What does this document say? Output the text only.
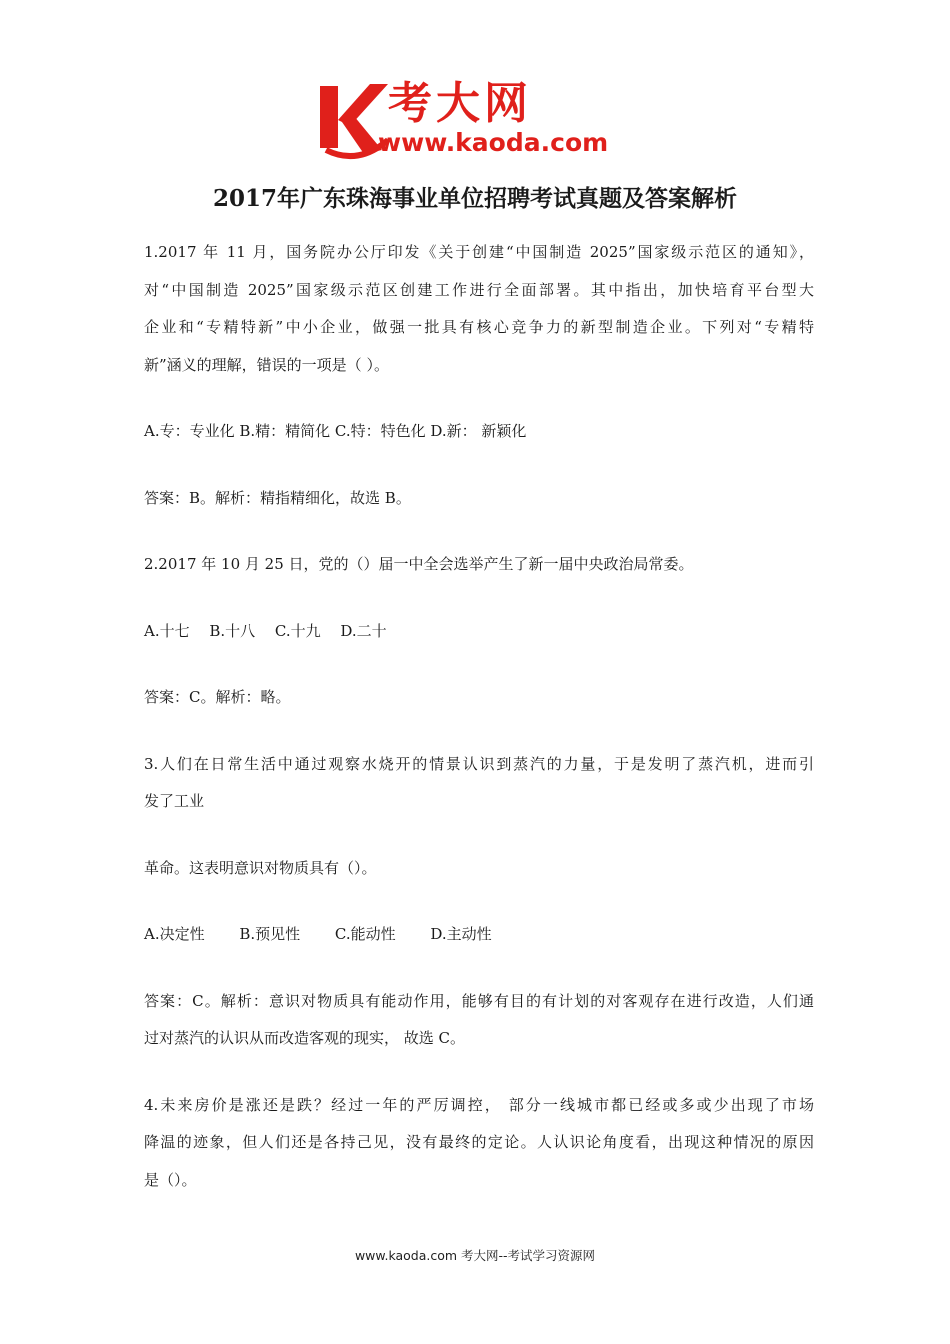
考大网
www.kaoda.com
2017年广东珠海事业单位招聘考试真题及答案解析
1.2017 年 11 月，国务院办公厅印发《关于创建“中国制造 2025”国家级示范区的通知》，
对“中国制造 2025”国家级示范区创建工作进行全面部署。其中指出，加快培育平台型大
企业和“专精特新”中小企业，做强一批具有核心竞争力的新型制造企业。下列对“专精特
新”涵义的理解，错误的一项是（ ）。
A.专：专业化 B.精：精简化 C.特：特色化 D.新： 新颖化
答案：B。解析：精指精细化，故选 B。
2.2017 年 10 月 25 日，党的（）届一中全会选举产生了新一届中央政治局常委。
A.十七　 B.十八　 C.十九　 D.二十
答案：C。解析：略。
3.人们在日常生活中通过观察水烧开的情景认识到蒸汽的力量，于是发明了蒸汽机，进而引
发了工业
革命。这表明意识对物质具有（）。
A.决定性　　 B.预见性　　 C.能动性　　 D.主动性
答案：C。解析：意识对物质具有能动作用，能够有目的有计划的对客观存在进行改造，人们通
过对蒸汽的认识从而改造客观的现实， 故选 C。
4.未来房价是涨还是跌？经过一年的严厉调控， 部分一线城市都已经或多或少出现了市场
降温的迹象，但人们还是各持己见，没有最终的定论。人认识论角度看，出现这种情况的原因
是（）。
www.kaoda.com 考大网--考试学习资源网
